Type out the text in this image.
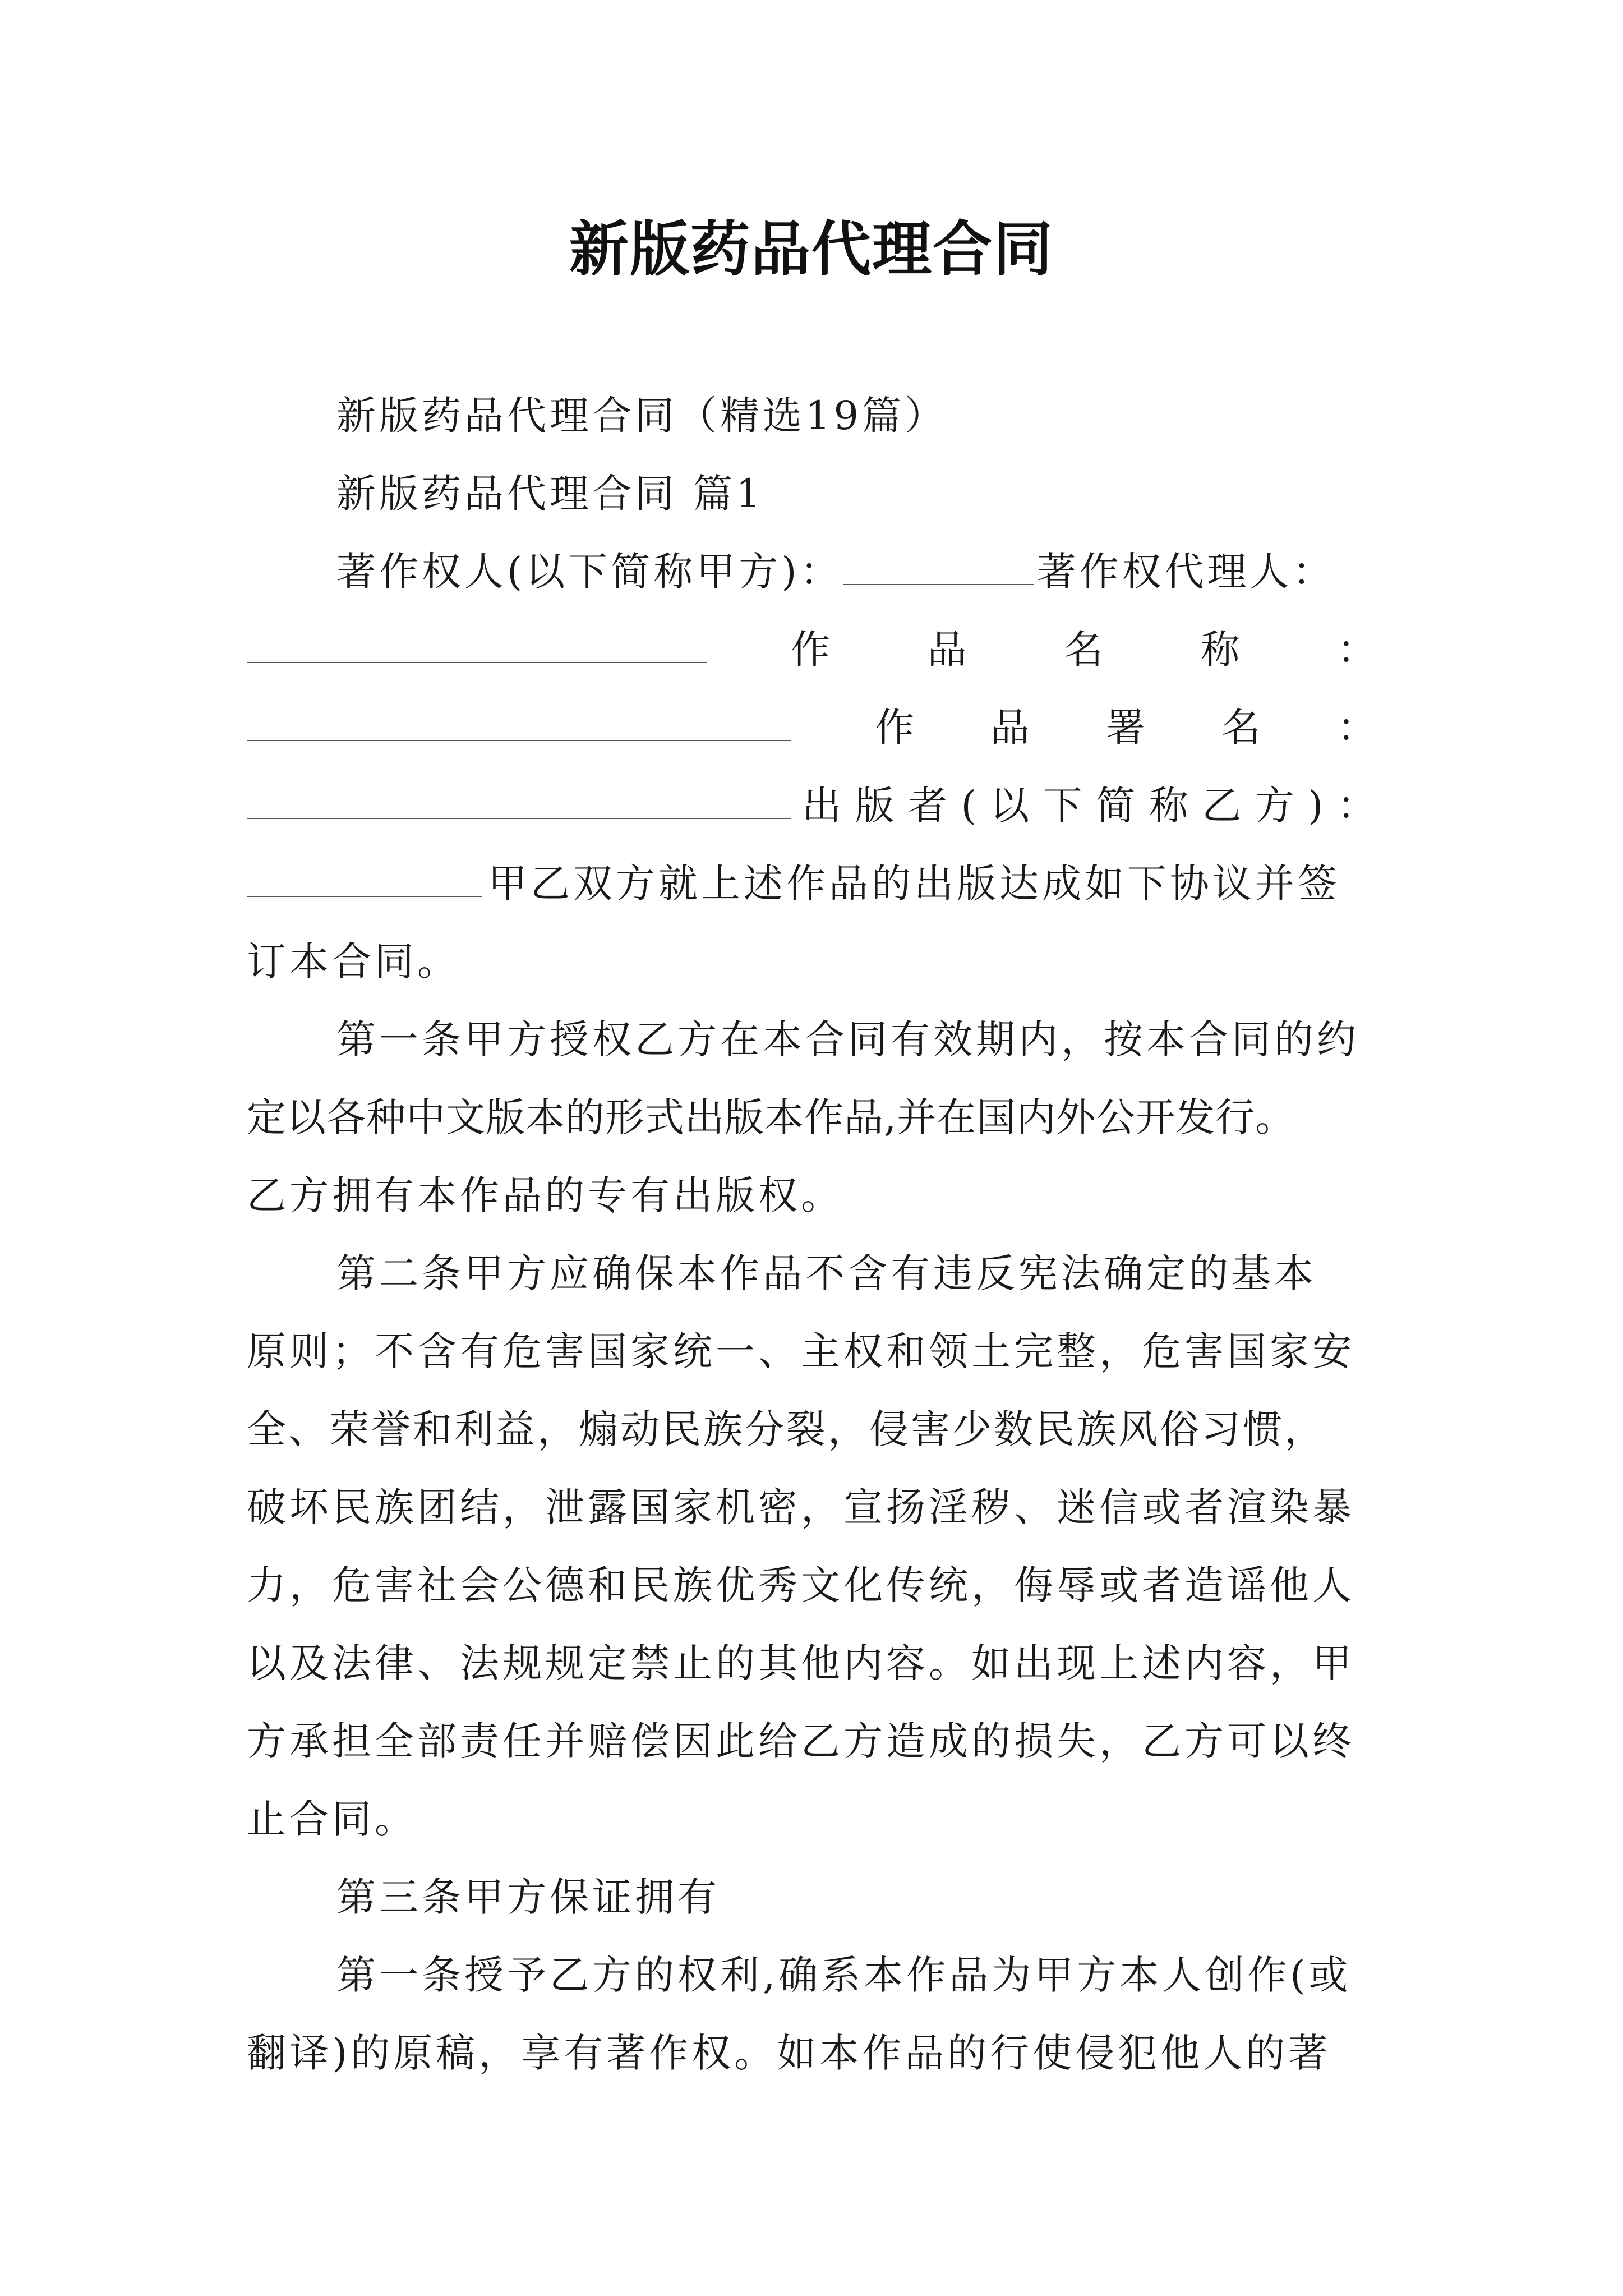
新版药品代理合同
新版药品代理合同（精选19篇）
新版药品代理合同 篇1
著作权人(以下简称甲方)：	著作权代理人：
作 品 名 称 ：
作 品 署 名 ：
出 版 者 ( 以 下 简 称 乙 方 ) ：
甲乙双方就上述作品的出版达成如下协议并签
订本合同。
第一条甲方授权乙方在本合同有效期内，按本合同的约
定以各种中文版本的形式出版本作品,并在国内外公开发行。
乙方拥有本作品的专有出版权。
第二条甲方应确保本作品不含有违反宪法确定的基本
原则；不含有危害国家统一、主权和领土完整，危害国家安
全、荣誉和利益，煽动民族分裂，侵害少数民族风俗习惯，
破坏民族团结，泄露国家机密，宣扬淫秽、迷信或者渲染暴
力，危害社会公德和民族优秀文化传统，侮辱或者造谣他人
以及法律、法规规定禁止的其他内容。如出现上述内容，甲
方承担全部责任并赔偿因此给乙方造成的损失，乙方可以终
止合同。
第三条甲方保证拥有
第一条授予乙方的权利,确系本作品为甲方本人创作(或
翻译)的原稿，享有著作权。如本作品的行使侵犯他人的著
